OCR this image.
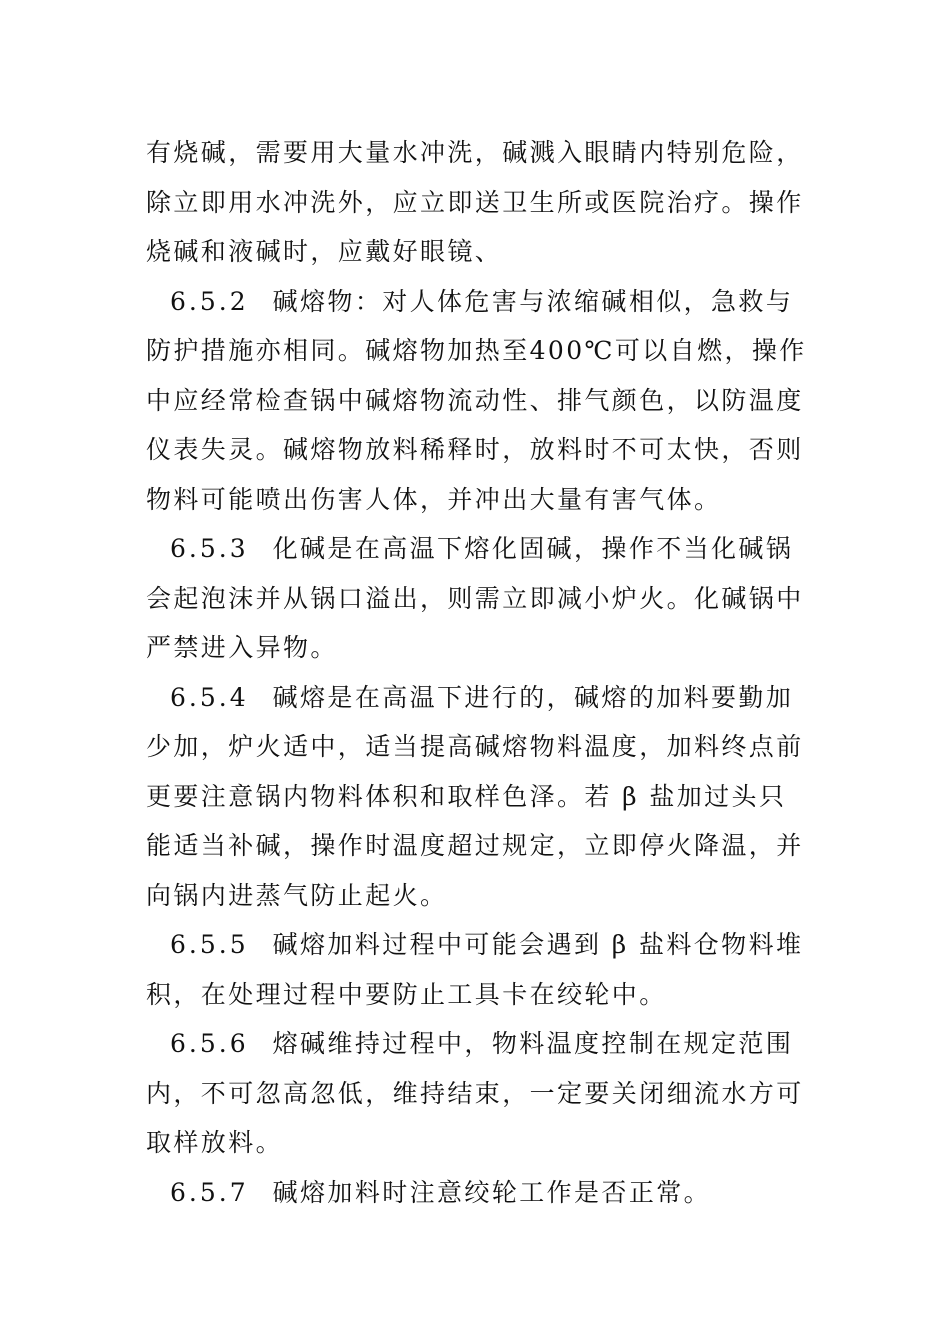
有烧碱，需要用大量水冲洗，碱溅入眼睛内特别危险，除立即用水冲洗外，应立即送卫生所或医院治疗。操作烧碱和液碱时，应戴好眼镜、

6.5.2 碱熔物：对人体危害与浓缩碱相似，急救与防护措施亦相同。碱熔物加热至400℃可以自燃，操作中应经常检查锅中碱熔物流动性、排气颜色，以防温度仪表失灵。碱熔物放料稀释时，放料时不可太快，否则物料可能喷出伤害人体，并冲出大量有害气体。

6.5.3 化碱是在高温下熔化固碱，操作不当化碱锅会起泡沫并从锅口溢出，则需立即减小炉火。化碱锅中严禁进入异物。

6.5.4 碱熔是在高温下进行的，碱熔的加料要勤加少加，炉火适中，适当提高碱熔物料温度，加料终点前更要注意锅内物料体积和取样色泽。若 β 盐加过头只能适当补碱，操作时温度超过规定，立即停火降温，并向锅内进蒸气防止起火。

6.5.5 碱熔加料过程中可能会遇到 β 盐料仓物料堆积，在处理过程中要防止工具卡在绞轮中。

6.5.6 熔碱维持过程中，物料温度控制在规定范围内，不可忽高忽低，维持结束，一定要关闭细流水方可取样放料。

6.5.7 碱熔加料时注意绞轮工作是否正常。
